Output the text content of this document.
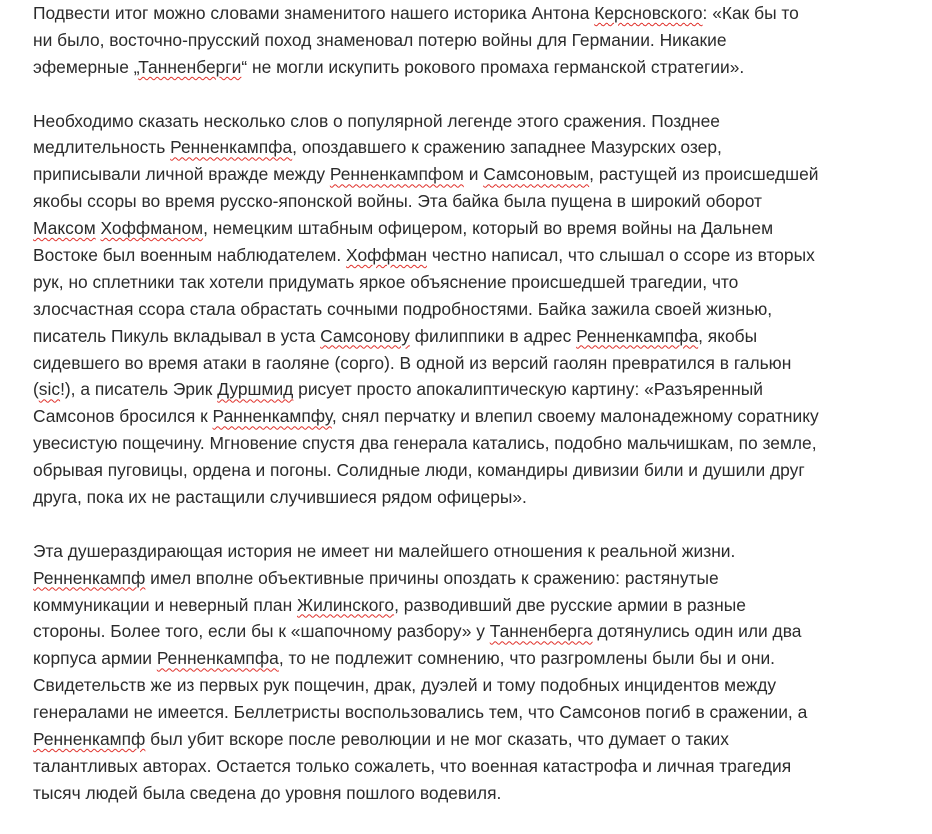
Подвести итог можно словами знаменитого нашего историка Антона Керсновского: «Как бы то
ни было, восточно-прусский поход знаменовал потерю войны для Германии. Никакие
эфемерные „Танненберги“ не могли искупить рокового промаха германской стратегии».

Необходимо сказать несколько слов о популярной легенде этого сражения. Позднее
медлительность Ренненкампфа, опоздавшего к сражению западнее Мазурских озер,
приписывали личной вражде между Ренненкампфом и Самсоновым, растущей из происшедшей
якобы ссоры во время русско-японской войны. Эта байка была пущена в широкий оборот
Максом Хоффманом, немецким штабным офицером, который во время войны на Дальнем
Востоке был военным наблюдателем. Хоффман честно написал, что слышал о ссоре из вторых
рук, но сплетники так хотели придумать яркое объяснение происшедшей трагедии, что
злосчастная ссора стала обрастать сочными подробностями. Байка зажила своей жизнью,
писатель Пикуль вкладывал в уста Самсонову филиппики в адрес Ренненкампфа, якобы
сидевшего во время атаки в гаоляне (сорго). В одной из версий гаолян превратился в гальюн
(sic!), а писатель Эрик Дуршмид рисует просто апокалиптическую картину: «Разъяренный
Самсонов бросился к Ранненкампфу, снял перчатку и влепил своему малонадежному соратнику
увесистую пощечину. Мгновение спустя два генерала катались, подобно мальчишкам, по земле,
обрывая пуговицы, ордена и погоны. Солидные люди, командиры дивизии били и душили друг
друга, пока их не растащили случившиеся рядом офицеры».

Эта душераздирающая история не имеет ни малейшего отношения к реальной жизни.
Ренненкампф имел вполне объективные причины опоздать к сражению: растянутые
коммуникации и неверный план Жилинского, разводивший две русские армии в разные
стороны. Более того, если бы к «шапочному разбору» у Танненберга дотянулись один или два
корпуса армии Ренненкампфа, то не подлежит сомнению, что разгромлены были бы и они.
Свидетельств же из первых рук пощечин, драк, дуэлей и тому подобных инцидентов между
генералами не имеется. Беллетристы воспользовались тем, что Самсонов погиб в сражении, а
Ренненкампф был убит вскоре после революции и не мог сказать, что думает о таких
талантливых авторах. Остается только сожалеть, что военная катастрофа и личная трагедия
тысяч людей была сведена до уровня пошлого водевиля.
